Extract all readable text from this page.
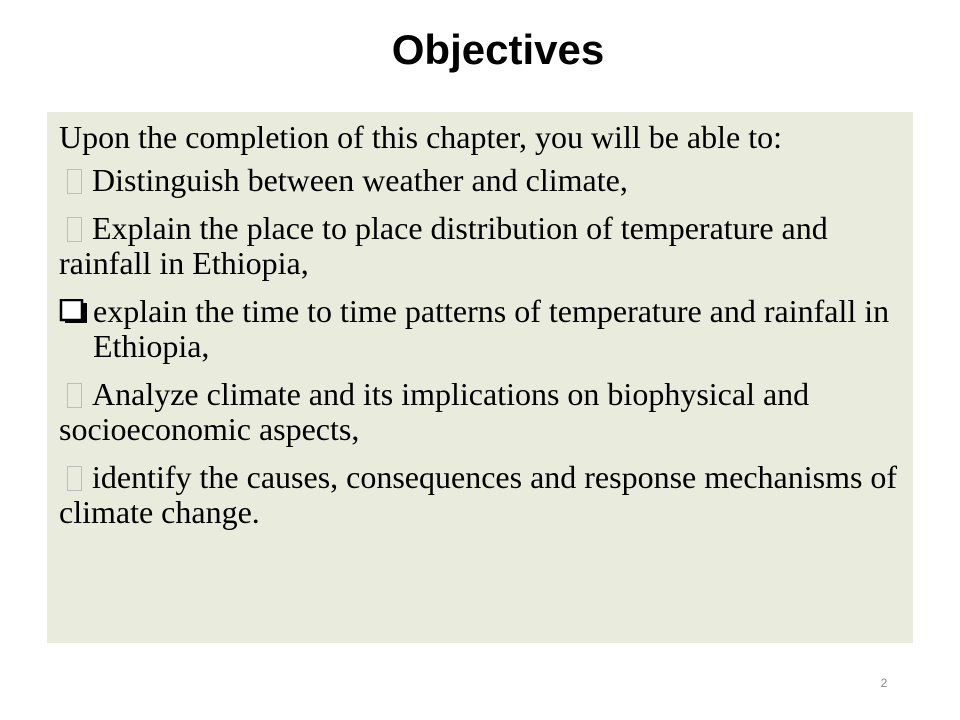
Objectives

Upon the completion of this chapter, you will be able to:

Distinguish between weather and climate,
Explain the place to place distribution of temperature and rainfall in Ethiopia,
explain the time to time patterns of temperature and rainfall in Ethiopia,
Analyze climate and its implications on biophysical and socioeconomic aspects,
identify the causes, consequences and response mechanisms of climate change.
2
